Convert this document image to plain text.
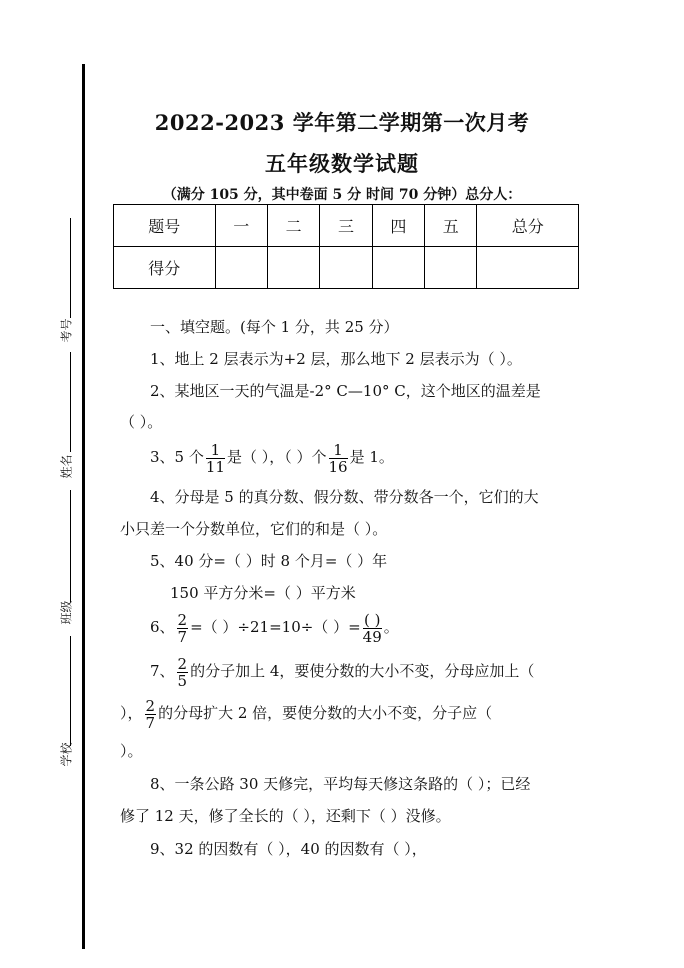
考号
姓名
班级
学校
2022-2023 学年第二学期第一次月考
五年级数学试题
（满分 105 分，其中卷面 5 分 时间 70 分钟）总分人：
题号	一	二	三	四	五	总分
得分						
一、填空题。(每个 1 分，共 25 分）
1、地上 2 层表示为+2 层，那么地下 2 层表示为（ ）。
2、某地区一天的气温是-2° C—10° C，这个地区的温差是
（ ）。
3、5 个 $\frac{1}{11}$ 是（ ），（ ）个 $\frac{1}{16}$ 是 1。
4、分母是 5 的真分数、假分数、带分数各一个，它们的大
小只差一个分数单位，它们的和是（ ）。
5、40 分=（ ）时 8 个月=（ ）年
150 平方分米=（ ）平方米
6、 $\frac{2}{7}$ =（ ）÷21=10÷（ ）= $\frac{( )}{49}$ 。
7、 $\frac{2}{5}$ 的分子加上 4，要使分数的大小不变，分母应加上（
）， $\frac{2}{7}$ 的分母扩大 2 倍，要使分数的大小不变，分子应（
）。
8、一条公路 30 天修完，平均每天修这条路的（ ）；已经
修了 12 天，修了全长的（ ），还剩下（ ）没修。
9、32 的因数有（ ），40 的因数有（ ），
